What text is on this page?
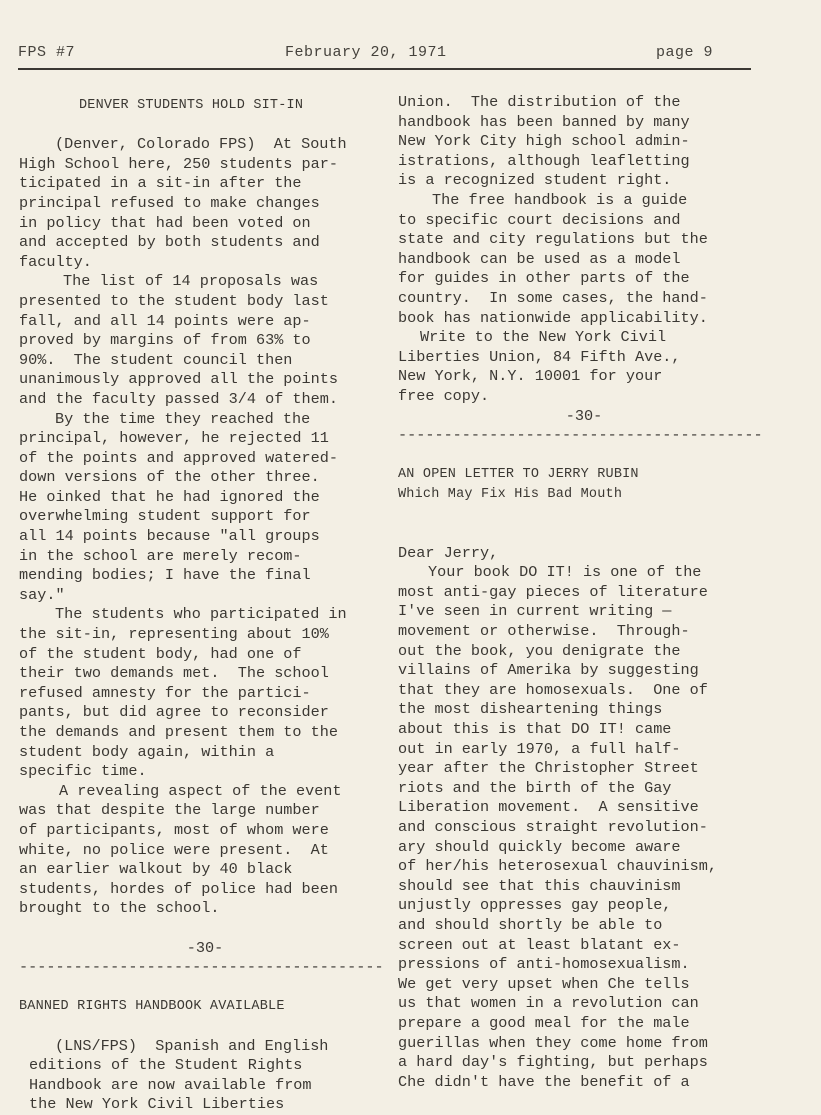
FPS #7	February 20, 1971	page 9
DENVER STUDENTS HOLD SIT-IN
(Denver, Colorado FPS)  At South
High School here, 250 students par-
ticipated in a sit-in after the
principal refused to make changes
in policy that had been voted on
and accepted by both students and
faculty.
The list of 14 proposals was
presented to the student body last
fall, and all 14 points were ap-
proved by margins of from 63% to
90%.  The student council then
unanimously approved all the points
and the faculty passed 3/4 of them.
By the time they reached the
principal, however, he rejected 11
of the points and approved watered-
down versions of the other three.
He oinked that he had ignored the
overwhelming student support for
all 14 points because "all groups
in the school are merely recom-
mending bodies; I have the final
say."
The students who participated in
the sit-in, representing about 10%
of the student body, had one of
their two demands met.  The school
refused amnesty for the partici-
pants, but did agree to reconsider
the demands and present them to the
student body again, within a
specific time.
A revealing aspect of the event
was that despite the large number
of participants, most of whom were
white, no police were present.  At
an earlier walkout by 40 black
students, hordes of police had been
brought to the school.
-30-
----------------------------------------
BANNED RIGHTS HANDBOOK AVAILABLE
(LNS/FPS)  Spanish and English
editions of the Student Rights
Handbook are now available from
the New York Civil Liberties
Union.  The distribution of the
handbook has been banned by many
New York City high school admin-
istrations, although leafletting
is a recognized student right.
The free handbook is a guide
to specific court decisions and
state and city regulations but the
handbook can be used as a model
for guides in other parts of the
country.  In some cases, the hand-
book has nationwide applicability.
Write to the New York Civil
Liberties Union, 84 Fifth Ave.,
New York, N.Y. 10001 for your
free copy.
-30-
----------------------------------------
AN OPEN LETTER TO JERRY RUBIN
Which May Fix His Bad Mouth
Dear Jerry,
Your book DO IT! is one of the
most anti-gay pieces of literature
I've seen in current writing —
movement or otherwise.  Through-
out the book, you denigrate the
villains of Amerika by suggesting
that they are homosexuals.  One of
the most disheartening things
about this is that DO IT! came
out in early 1970, a full half-
year after the Christopher Street
riots and the birth of the Gay
Liberation movement.  A sensitive
and conscious straight revolution-
ary should quickly become aware
of her/his heterosexual chauvinism,
should see that this chauvinism
unjustly oppresses gay people,
and should shortly be able to
screen out at least blatant ex-
pressions of anti-homosexualism.
We get very upset when Che tells
us that women in a revolution can
prepare a good meal for the male
guerillas when they come home from
a hard day's fighting, but perhaps
Che didn't have the benefit of a
